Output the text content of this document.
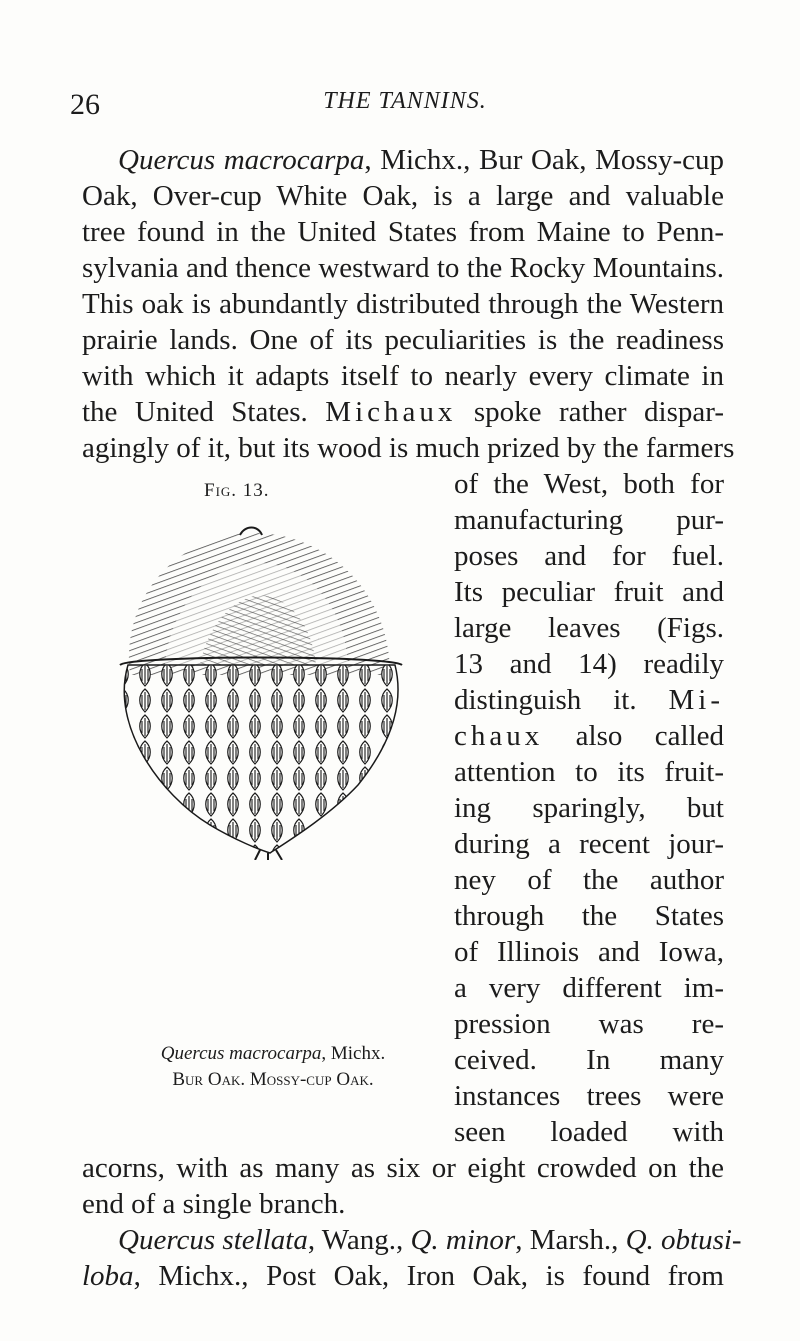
26	THE TANNINS.
Quercus macrocarpa, Michx., Bur Oak, Mossy-cup
Oak, Over-cup White Oak, is a large and valuable
tree found in the United States from Maine to Penn-
sylvania and thence westward to the Rocky Mountains.
This oak is abundantly distributed through the Western
prairie lands. One of its peculiarities is the readiness
with which it adapts itself to nearly every climate in
the United States. Michaux spoke rather dispar-
agingly of it, but its wood is much prized by the farmers
of the West, both for
manufacturing pur-
poses and for fuel.
Its peculiar fruit and
large leaves (Figs.
13 and 14) readily
distinguish it. Mi-
chaux also called
attention to its fruit-
ing sparingly, but
during a recent jour-
ney of the author
through the States
of Illinois and Iowa,
a very different im-
pression was re-
ceived. In many
instances trees were
seen loaded with
acorns, with as many as six or eight crowded on the
end of a single branch.
Quercus stellata, Wang., Q. minor, Marsh., Q. obtusi-
loba, Michx., Post Oak, Iron Oak, is found from
Fig. 13.
Quercus macrocarpa, Michx.
Bur Oak. Mossy-cup Oak.
